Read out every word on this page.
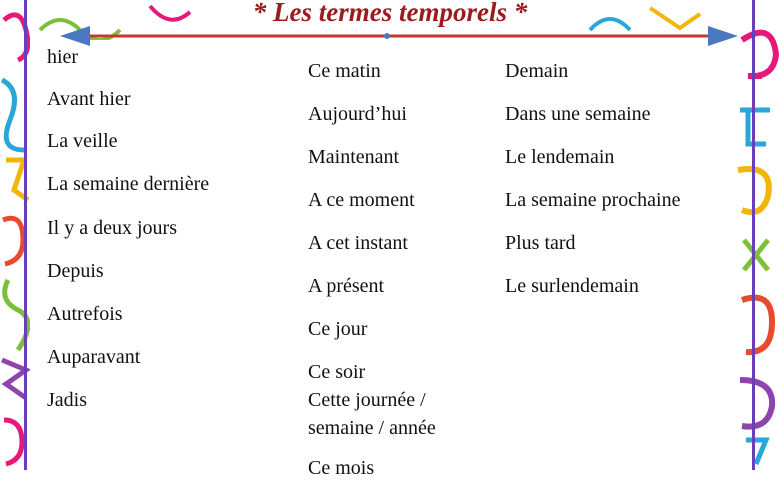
* Les termes temporels *
hier
Avant hier
La veille
La semaine dernière
Il y a deux jours
Depuis
Autrefois
Auparavant
Jadis
Ce matin
Aujourd’hui
Maintenant
A ce moment
A cet instant
A présent
Ce jour
Ce soir
Cette journée /
semaine / année
Ce mois
Demain
Dans une semaine
Le lendemain
La semaine prochaine
Plus tard
Le surlendemain
